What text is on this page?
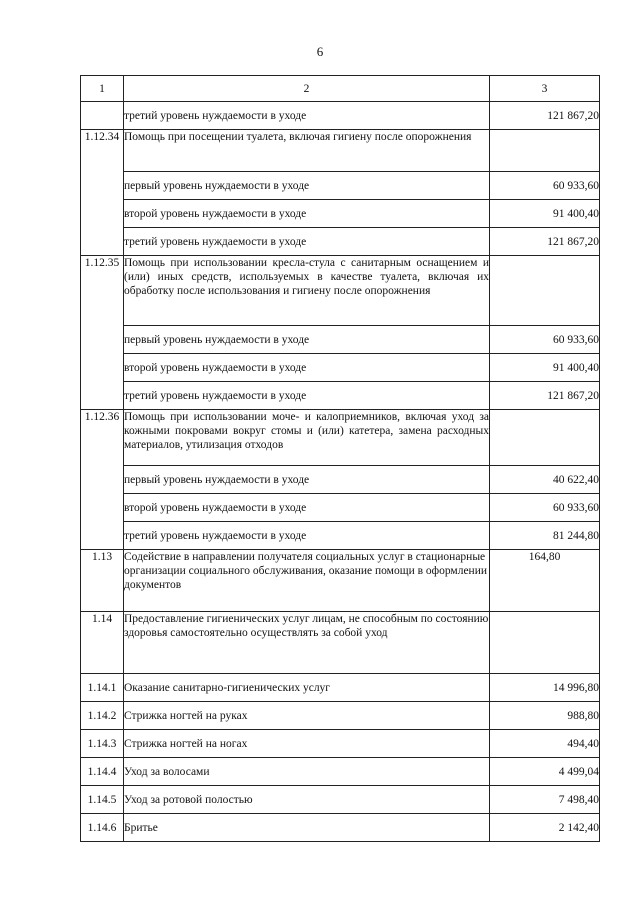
6
1	2	3
	третий уровень нуждаемости в уходе	121 867,20
1.12.34	Помощь при посещении туалета, включая гигиену после опорожнения	
	первый уровень нуждаемости в уходе	60 933,60
	второй уровень нуждаемости в уходе	91 400,40
	третий уровень нуждаемости в уходе	121 867,20
1.12.35	Помощь при использовании кресла-стула с санитарным оснащением и (или) иных средств, используемых в качестве туалета, включая их обработку после использования и гигиену после опорожнения	
	первый уровень нуждаемости в уходе	60 933,60
	второй уровень нуждаемости в уходе	91 400,40
	третий уровень нуждаемости в уходе	121 867,20
1.12.36	Помощь при использовании моче- и калоприемников, включая уход за кожными покровами вокруг стомы и (или) катетера, замена расходных материалов, утилизация отходов	
	первый уровень нуждаемости в уходе	40 622,40
	второй уровень нуждаемости в уходе	60 933,60
	третий уровень нуждаемости в уходе	81 244,80
1.13	Содействие в направлении получателя социальных услуг в стационарные организации социального обслуживания, оказание помощи в оформлении документов	164,80
1.14	Предоставление гигиенических услуг лицам, не способным по состоянию здоровья самостоятельно осуществлять за собой уход	
1.14.1	Оказание санитарно-гигиенических услуг	14 996,80
1.14.2	Стрижка ногтей на руках	988,80
1.14.3	Стрижка ногтей на ногах	494,40
1.14.4	Уход за волосами	4 499,04
1.14.5	Уход за ротовой полостью	7 498,40
1.14.6	Бритье	2 142,40
